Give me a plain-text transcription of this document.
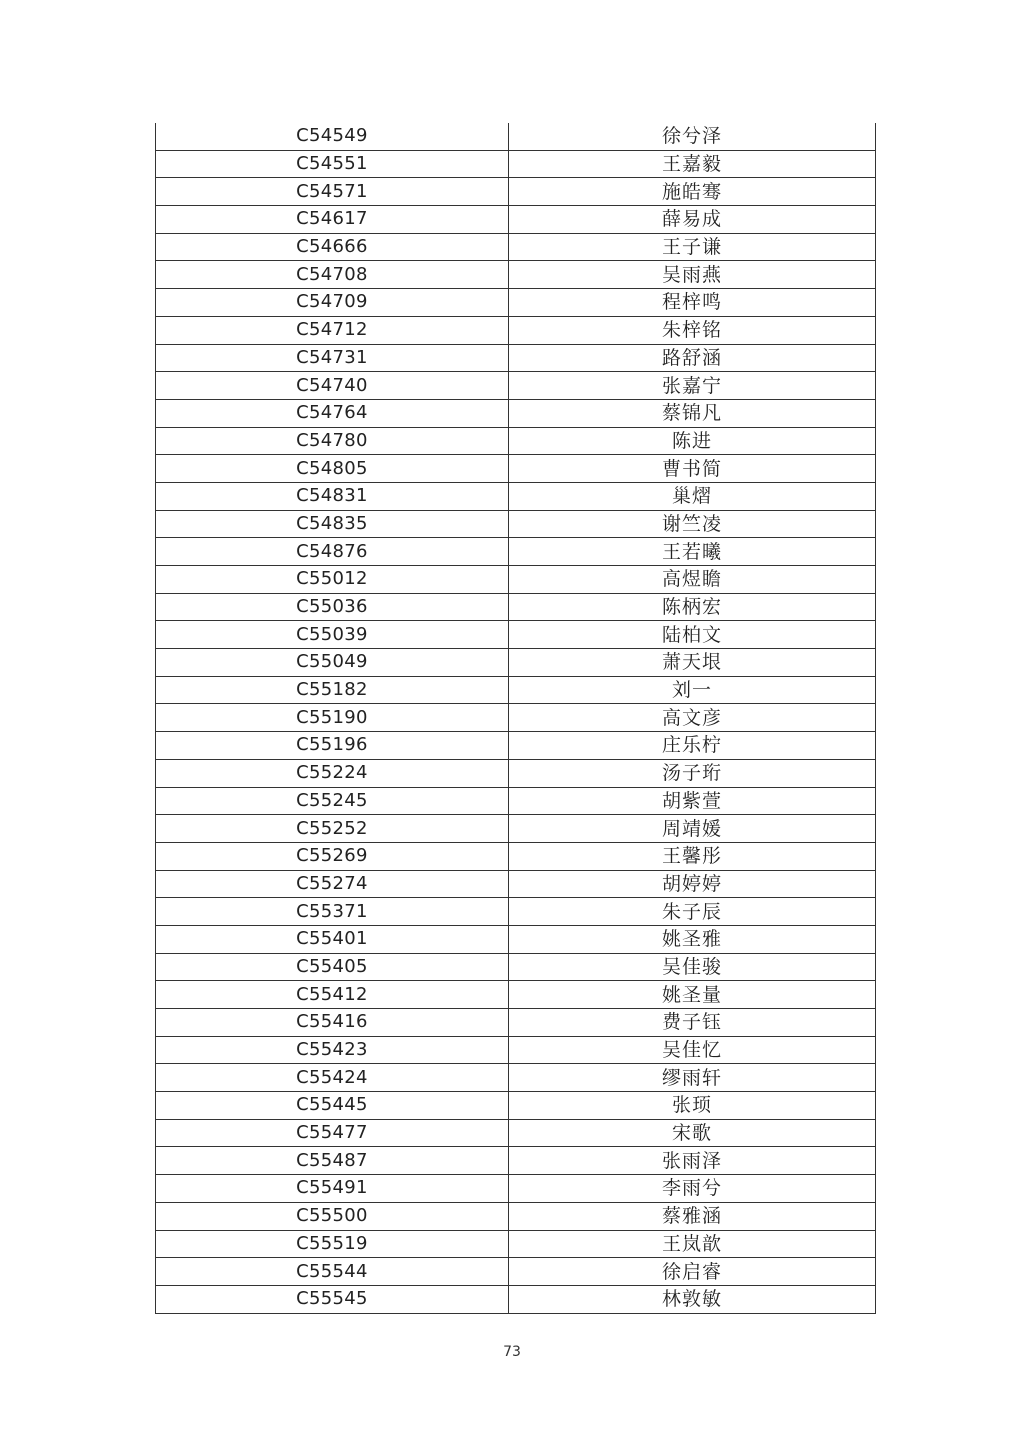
C54549	徐兮泽
C54551	王嘉毅
C54571	施皓骞
C54617	薛易成
C54666	王子谦
C54708	吴雨燕
C54709	程梓鸣
C54712	朱梓铭
C54731	路舒涵
C54740	张嘉宁
C54764	蔡锦凡
C54780	陈进
C54805	曹书简
C54831	巢熠
C54835	谢竺凌
C54876	王若曦
C55012	高煜瞻
C55036	陈柄宏
C55039	陆柏文
C55049	萧天垠
C55182	刘一
C55190	高文彦
C55196	庄乐柠
C55224	汤子珩
C55245	胡紫萱
C55252	周靖媛
C55269	王馨彤
C55274	胡婷婷
C55371	朱子辰
C55401	姚圣雅
C55405	吴佳骏
C55412	姚圣量
C55416	费子钰
C55423	吴佳忆
C55424	缪雨轩
C55445	张顼
C55477	宋歌
C55487	张雨泽
C55491	李雨兮
C55500	蔡雅涵
C55519	王岚歆
C55544	徐启睿
C55545	林敦敏
73
